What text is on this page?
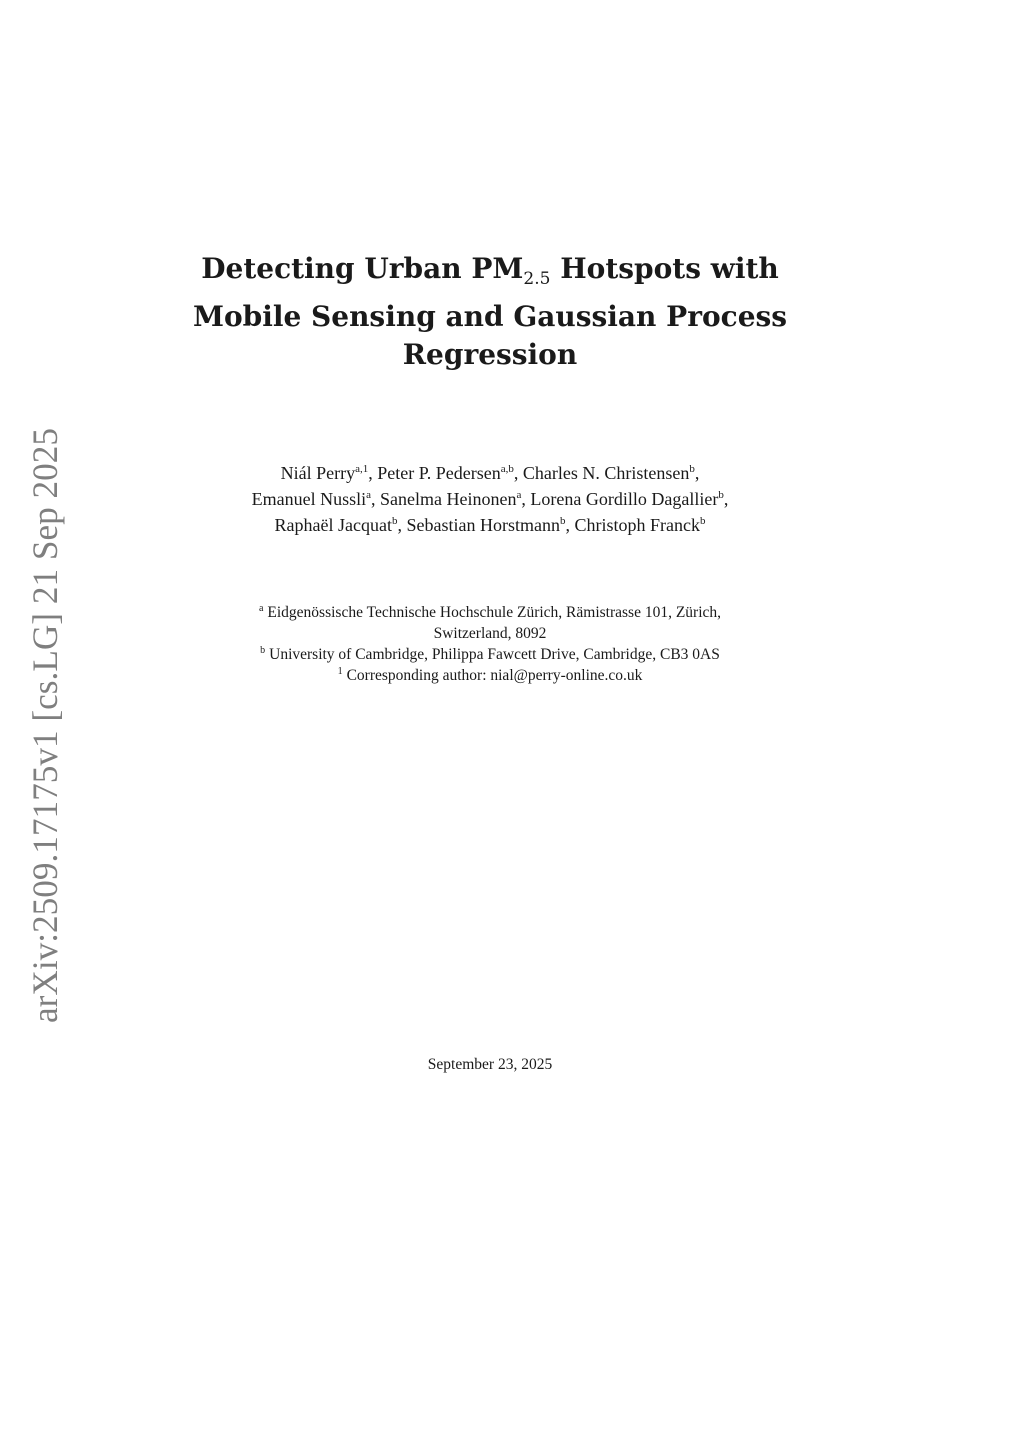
arXiv:2509.17175v1 [cs.LG] 21 Sep 2025
Detecting Urban $PM_{2.5}$ Hotspots with
Mobile Sensing and Gaussian Process
Regression
Niál Perry$^{a,1}$, Peter P. Pedersen$^{a,b}$, Charles N. Christensen$^b$,
Emanuel Nussli$^a$, Sanelma Heinonen$^a$, Lorena Gordillo Dagallier$^b$,
Raphaël Jacquat$^b$, Sebastian Horstmann$^b$, Christoph Franck$^b$
$^a$ Eidgenössische Technische Hochschule Zürich, Rämistrasse 101, Zürich,
Switzerland, 8092
$^b$ University of Cambridge, Philippa Fawcett Drive, Cambridge, CB3 0AS
$^1$ Corresponding author: nial@perry-online.co.uk
September 23, 2025
